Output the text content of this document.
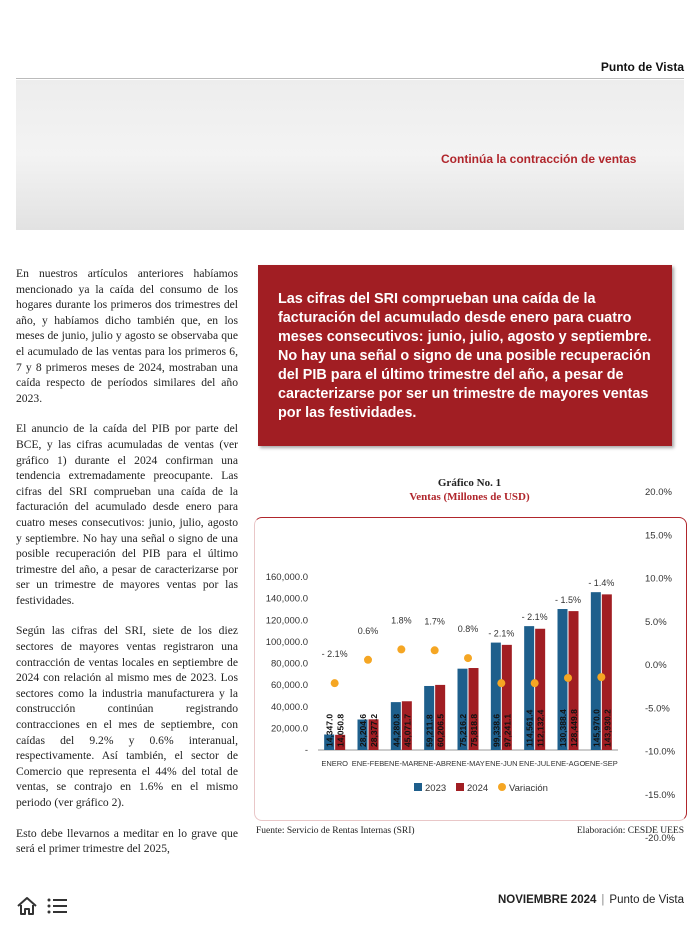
Punto de Vista
Continúa la contracción de ventas

En nuestros artículos anteriores habíamos mencionado ya la caída del consumo de los hogares durante los primeros dos trimestres del año, y habíamos dicho también que, en los meses de junio, julio y agosto se observaba que el acumulado de las ventas para los primeros 6, 7 y 8 primeros meses de 2024, mostraban una caída respecto de períodos similares del año 2023.

El anuncio de la caída del PIB por parte del BCE, y las cifras acumuladas de ventas (ver gráfico 1) durante el 2024 confirman una tendencia extremadamente preocupante. Las cifras del SRI comprueban una caída de la facturación del acumulado desde enero para cuatro meses consecutivos: junio, julio, agosto y septiembre. No hay una señal o signo de una posible recuperación del PIB para el último trimestre del año, a pesar de caracterizarse por ser un trimestre de mayores ventas por las festividades.

Según las cifras del SRI, siete de los diez sectores de mayores ventas registraron una contracción de ventas locales en septiembre de 2024 con relación al mismo mes de 2023. Los sectores como la industria manufacturera y la construcción continúan registrando contracciones en el mes de septiembre, con caídas del 9.2% y 0.6% interanual, respectivamente. Así también, el sector de Comercio que representa el 44% del total de ventas, se contrajo en 1.6% en el mismo periodo (ver gráfico 2).

Esto debe llevarnos a meditar en lo grave que será el primer trimestre del 2025,

Las cifras del SRI comprueban una caída de la facturación del acumulado desde enero para cuatro meses consecutivos: junio, julio, agosto y septiembre. No hay una señal o signo de una posible recuperación del PIB para el último trimestre del año, a pesar de caracterizarse por ser un trimestre de mayores ventas por las festividades.

Gráfico No. 1
Ventas (Millones de USD)
-
20,000.0
40,000.0
60,000.0
80,000.0
100,000.0
120,000.0
140,000.0
160,000.0
-20.0%
-15.0%
-10.0%
-5.0%
0.0%
5.0%
10.0%
15.0%
20.0%
14,347.0 14,050.8
- 2.1%
ENERO
28,204.6 28,377.2
0.6%
ENE-FEB
44,280.8 45,071.7
1.8%
ENE-MAR
59,211.8 60,206.5
1.7%
ENE-ABR
75,216.2 75,818.8
0.8%
ENE-MAY
99,338.6 97,241.1
- 2.1%
ENE-JUN
114,561.4 112,132.4
- 2.1%
ENE-JUL
130,388.4 128,449.8
- 1.5%
ENE-AGO
145,970.0 143,930.2
- 1.4%
ENE-SEP
2023 2024 Variación
Fuente: Servicio de Rentas Internas (SRI)	Elaboración: CESDE UEES
NOVIEMBRE 2024 | Punto de Vista
